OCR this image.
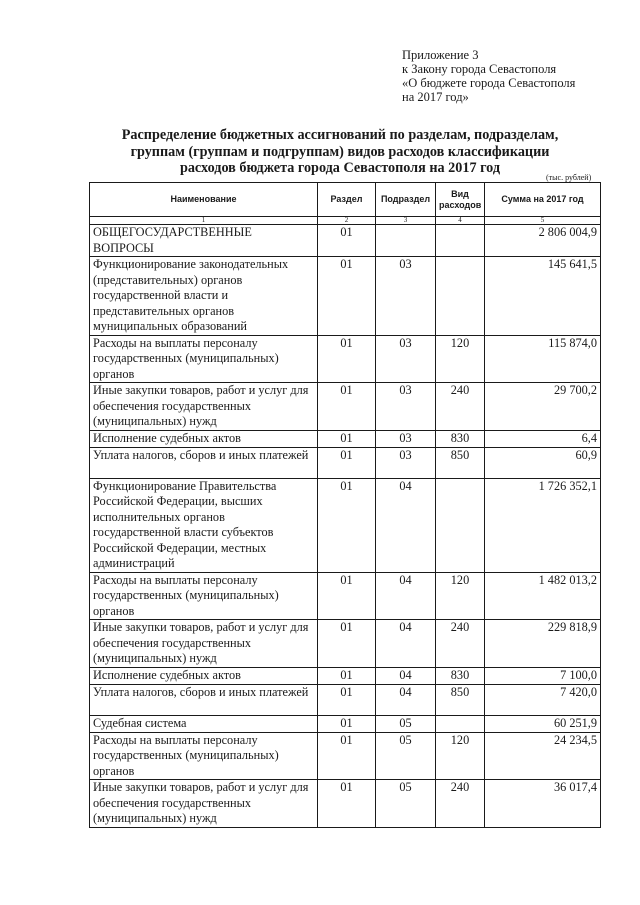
Приложение 3
к Закону города Севастополя
«О бюджете города Севастополя
на 2017 год»
Распределение бюджетных ассигнований по разделам, подразделам,
группам (группам и подгруппам) видов расходов классификации
расходов бюджета города Севастополя на 2017 год
(тыс. рублей)
Наименование	Раздел	Подраздел	Вид расходов	Сумма на 2017 год
1	2	3	4	5
ОБЩЕГОСУДАРСТВЕННЫЕ ВОПРОСЫ	01			2 806 004,9
Функционирование законодательных (представительных) органов государственной власти и представительных органов муниципальных образований	01	03		145 641,5
Расходы на выплаты персоналу государственных (муниципальных) органов	01	03	120	115 874,0
Иные закупки товаров, работ и услуг для обеспечения государственных (муниципальных) нужд	01	03	240	29 700,2
Исполнение судебных актов	01	03	830	6,4
Уплата налогов, сборов и иных платежей	01	03	850	60,9
Функционирование Правительства Российской Федерации, высших исполнительных органов государственной власти субъектов Российской Федерации, местных администраций	01	04		1 726 352,1
Расходы на выплаты персоналу государственных (муниципальных) органов	01	04	120	1 482 013,2
Иные закупки товаров, работ и услуг для обеспечения государственных (муниципальных) нужд	01	04	240	229 818,9
Исполнение судебных актов	01	04	830	7 100,0
Уплата налогов, сборов и иных платежей	01	04	850	7 420,0
Судебная система	01	05		60 251,9
Расходы на выплаты персоналу государственных (муниципальных) органов	01	05	120	24 234,5
Иные закупки товаров, работ и услуг для обеспечения государственных (муниципальных) нужд	01	05	240	36 017,4
